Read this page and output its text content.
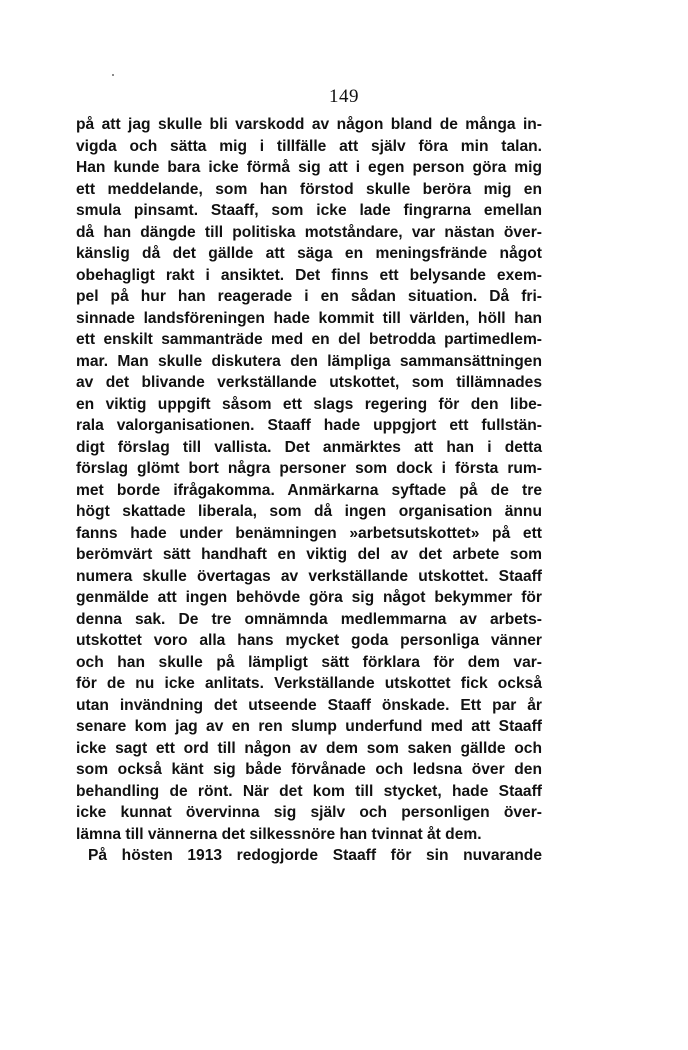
149
på att jag skulle bli varskodd av någon bland de många in-
vigda och sätta mig i tillfälle att själv föra min talan.
Han kunde bara icke förmå sig att i egen person göra mig
ett meddelande, som han förstod skulle beröra mig en
smula pinsamt. Staaff, som icke lade fingrarna emellan
då han dängde till politiska motståndare, var nästan över-
känslig då det gällde att säga en meningsfrände något
obehagligt rakt i ansiktet. Det finns ett belysande exem-
pel på hur han reagerade i en sådan situation. Då fri-
sinnade landsföreningen hade kommit till världen, höll han
ett enskilt sammanträde med en del betrodda partimedlem-
mar. Man skulle diskutera den lämpliga sammansättningen
av det blivande verkställande utskottet, som tillämnades
en viktig uppgift såsom ett slags regering för den libe-
rala valorganisationen. Staaff hade uppgjort ett fullstän-
digt förslag till vallista. Det anmärktes att han i detta
förslag glömt bort några personer som dock i första rum-
met borde ifrågakomma. Anmärkarna syftade på de tre
högt skattade liberala, som då ingen organisation ännu
fanns hade under benämningen »arbetsutskottet» på ett
berömvärt sätt handhaft en viktig del av det arbete som
numera skulle övertagas av verkställande utskottet. Staaff
genmälde att ingen behövde göra sig något bekymmer för
denna sak. De tre omnämnda medlemmarna av arbets-
utskottet voro alla hans mycket goda personliga vänner
och han skulle på lämpligt sätt förklara för dem var-
för de nu icke anlitats. Verkställande utskottet fick också
utan invändning det utseende Staaff önskade. Ett par år
senare kom jag av en ren slump underfund med att Staaff
icke sagt ett ord till någon av dem som saken gällde och
som också känt sig både förvånade och ledsna över den
behandling de rönt. När det kom till stycket, hade Staaff
icke kunnat övervinna sig själv och personligen över-
lämna till vännerna det silkessnöre han tvinnat åt dem.
På hösten 1913 redogjorde Staaff för sin nuvarande
